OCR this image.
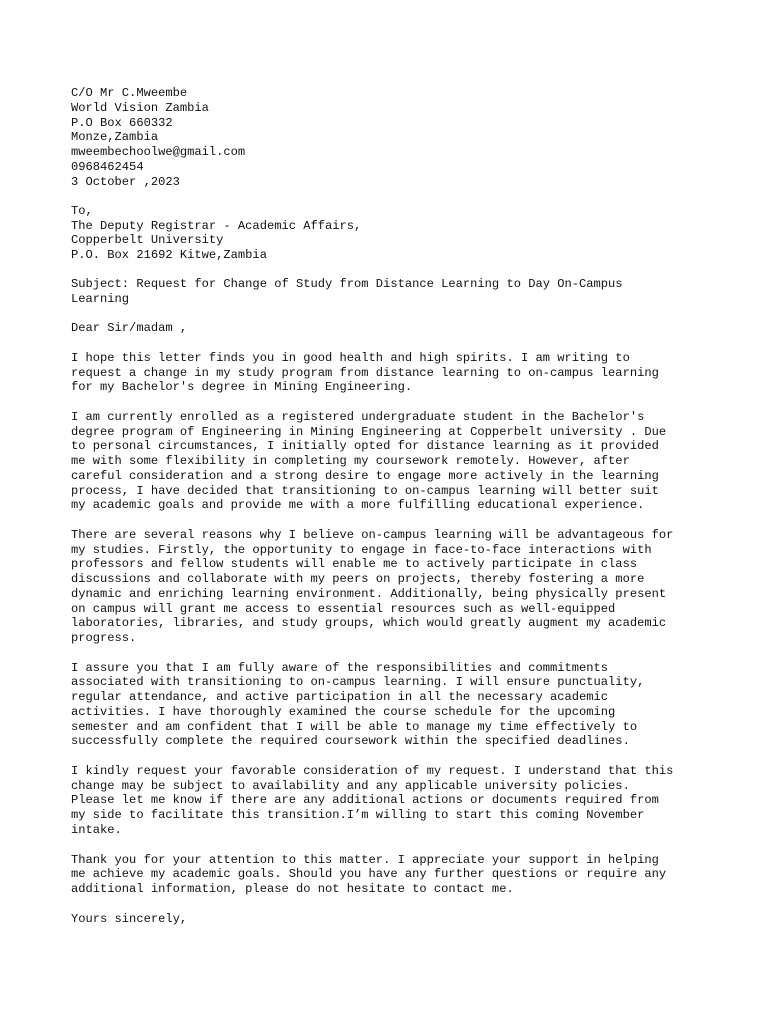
C/O Mr C.Mweembe
World Vision Zambia
P.O Box 660332
Monze,Zambia
mweembechoolwe@gmail.com
0968462454
3 October ,2023
To,
The Deputy Registrar - Academic Affairs,
Copperbelt University
P.O. Box 21692 Kitwe,Zambia
Subject: Request for Change of Study from Distance Learning to Day On-Campus
Learning
Dear Sir/madam ,
I hope this letter finds you in good health and high spirits. I am writing to
request a change in my study program from distance learning to on-campus learning
for my Bachelor's degree in Mining Engineering.
I am currently enrolled as a registered undergraduate student in the Bachelor's
degree program of Engineering in Mining Engineering at Copperbelt university . Due
to personal circumstances, I initially opted for distance learning as it provided
me with some flexibility in completing my coursework remotely. However, after
careful consideration and a strong desire to engage more actively in the learning
process, I have decided that transitioning to on-campus learning will better suit
my academic goals and provide me with a more fulfilling educational experience.
There are several reasons why I believe on-campus learning will be advantageous for
my studies. Firstly, the opportunity to engage in face-to-face interactions with
professors and fellow students will enable me to actively participate in class
discussions and collaborate with my peers on projects, thereby fostering a more
dynamic and enriching learning environment. Additionally, being physically present
on campus will grant me access to essential resources such as well-equipped
laboratories, libraries, and study groups, which would greatly augment my academic
progress.
I assure you that I am fully aware of the responsibilities and commitments
associated with transitioning to on-campus learning. I will ensure punctuality,
regular attendance, and active participation in all the necessary academic
activities. I have thoroughly examined the course schedule for the upcoming
semester and am confident that I will be able to manage my time effectively to
successfully complete the required coursework within the specified deadlines.
I kindly request your favorable consideration of my request. I understand that this
change may be subject to availability and any applicable university policies.
Please let me know if there are any additional actions or documents required from
my side to facilitate this transition.I’m willing to start this coming November
intake.
Thank you for your attention to this matter. I appreciate your support in helping
me achieve my academic goals. Should you have any further questions or require any
additional information, please do not hesitate to contact me.
Yours sincerely,
